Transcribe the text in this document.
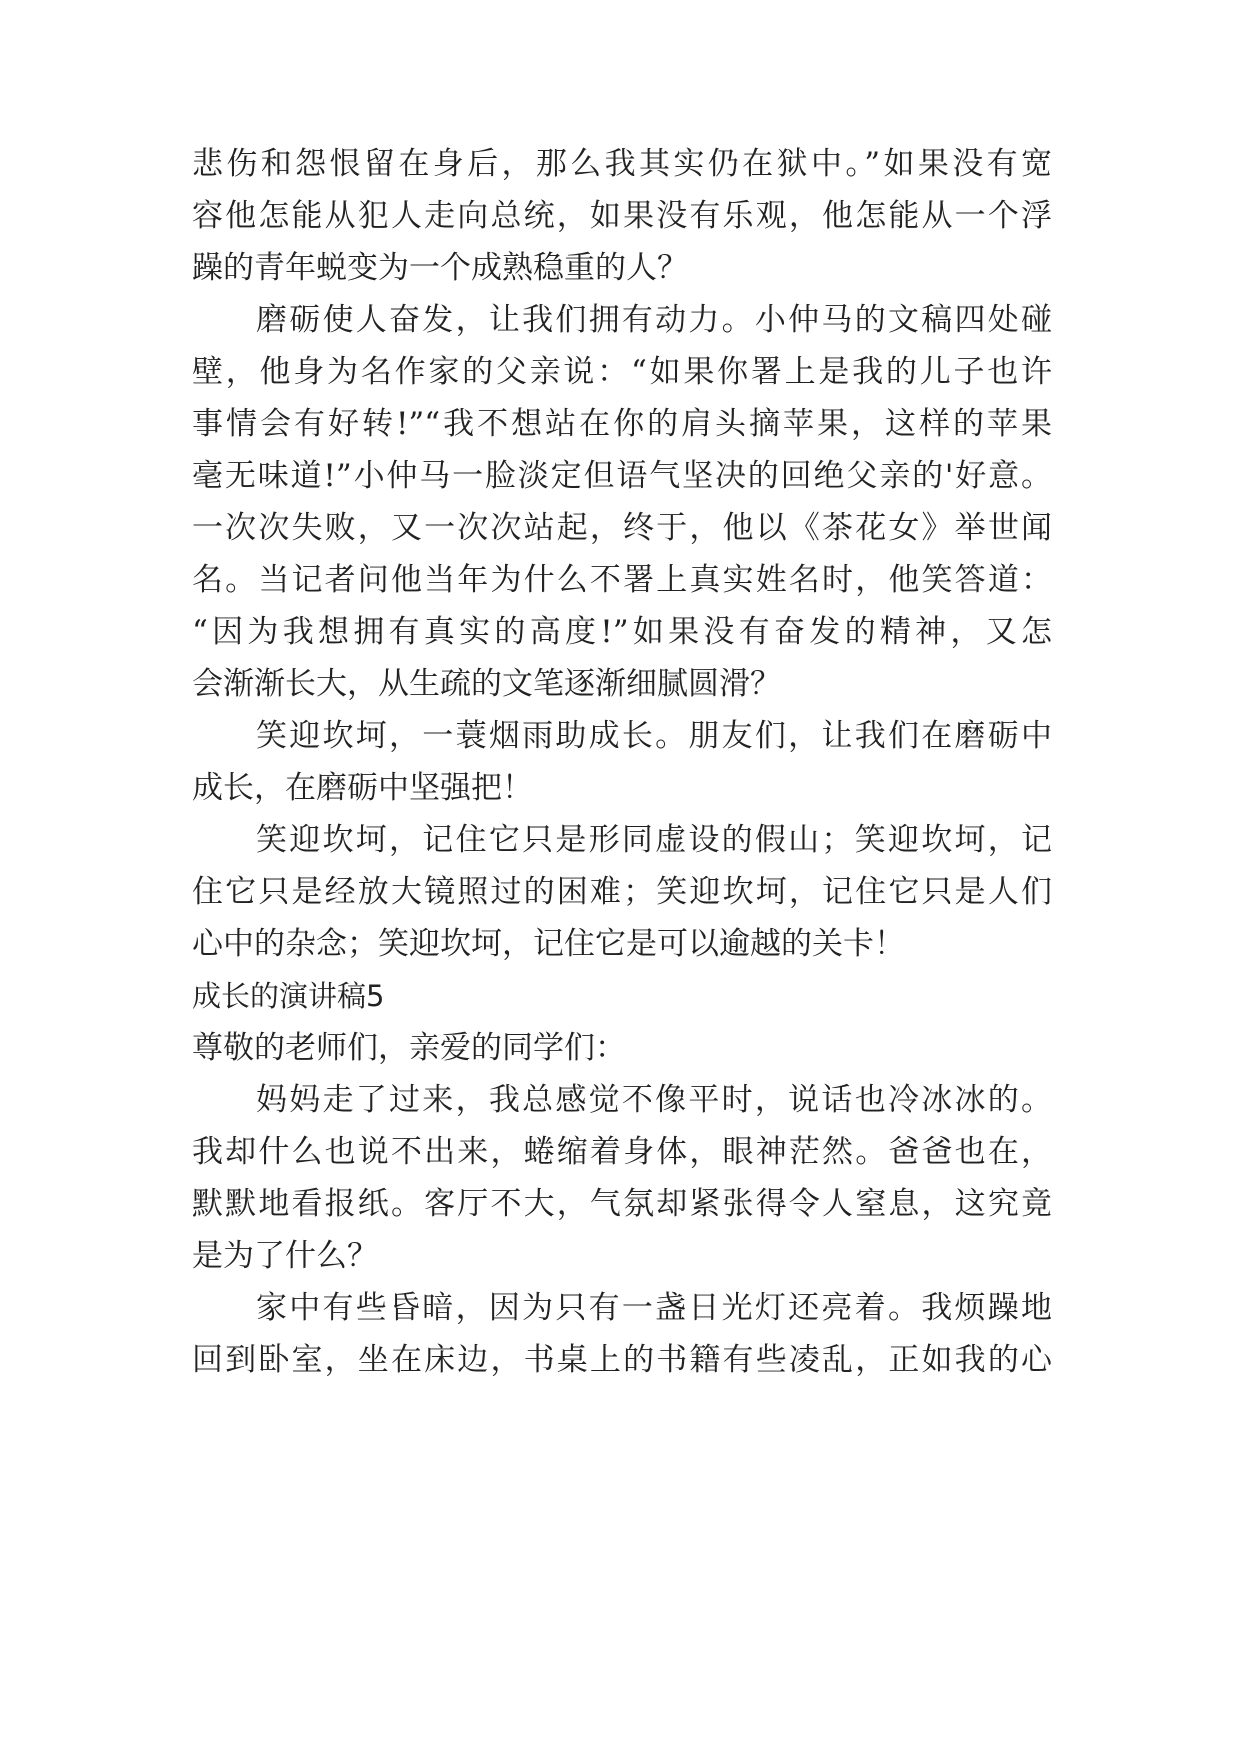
悲伤和怨恨留在身后，那么我其实仍在狱中。”如果没有宽
容他怎能从犯人走向总统，如果没有乐观，他怎能从一个浮
躁的青年蜕变为一个成熟稳重的人？
磨砺使人奋发，让我们拥有动力。小仲马的文稿四处碰
壁，他身为名作家的父亲说：“如果你署上是我的儿子也许
事情会有好转!”“我不想站在你的肩头摘苹果，这样的苹果
毫无味道!”小仲马一脸淡定但语气坚决的回绝父亲的'好意。
一次次失败，又一次次站起，终于，他以《茶花女》举世闻
名。当记者问他当年为什么不署上真实姓名时，他笑答道：
“因为我想拥有真实的高度!”如果没有奋发的精神，又怎
会渐渐长大，从生疏的文笔逐渐细腻圆滑？
笑迎坎坷，一蓑烟雨助成长。朋友们，让我们在磨砺中
成长，在磨砺中坚强把！
笑迎坎坷，记住它只是形同虚设的假山；笑迎坎坷，记
住它只是经放大镜照过的困难；笑迎坎坷，记住它只是人们
心中的杂念；笑迎坎坷，记住它是可以逾越的关卡！
成长的演讲稿5
尊敬的老师们，亲爱的同学们：
妈妈走了过来，我总感觉不像平时，说话也冷冰冰的。
我却什么也说不出来，蜷缩着身体，眼神茫然。爸爸也在，
默默地看报纸。客厅不大，气氛却紧张得令人窒息，这究竟
是为了什么？
家中有些昏暗，因为只有一盏日光灯还亮着。我烦躁地
回到卧室，坐在床边，书桌上的书籍有些凌乱，正如我的心
